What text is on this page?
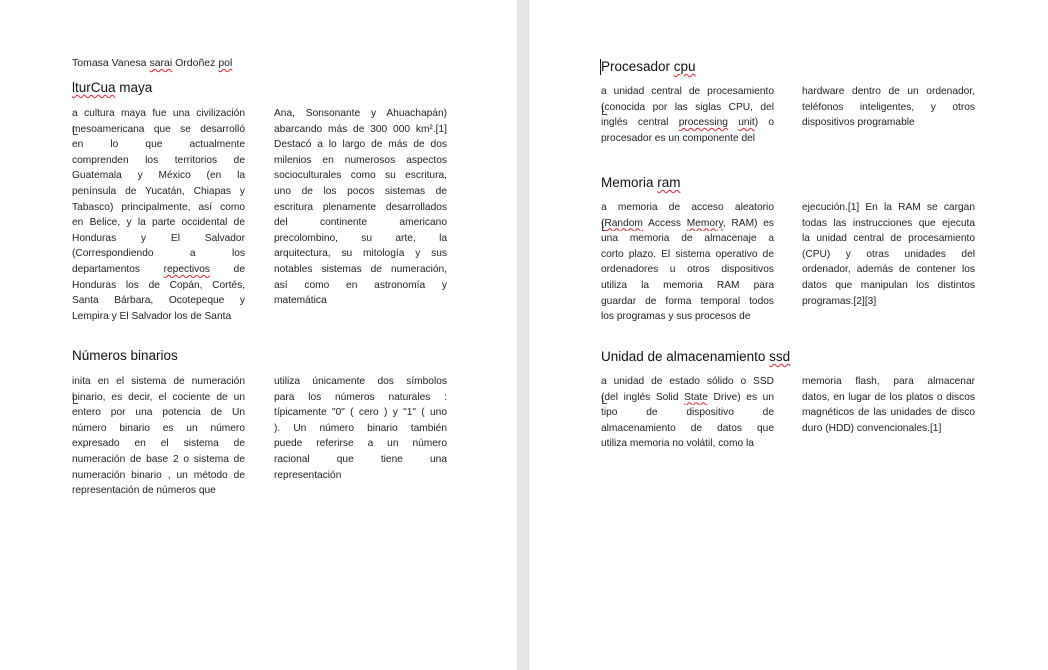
Tomasa Vanesa sarai Ordoñez pol
lturCua maya
a cultura maya fue una civilización
mesoamericana que se desarrolló
en lo que actualmente
comprenden los territorios de
Guatemala y México (en la
península de Yucatán, Chiapas y
Tabasco) principalmente, así como
en Belice, y la parte occidental de
Honduras y El Salvador
(Correspondiendo a los
departamentos repectivos de
Honduras los de Copán, Cortés,
Santa Bárbara, Ocotepeque y
Lempira y El Salvador los de Santa
Ana, Sonsonante y Ahuachapán)
abarcando más de 300 000 km².[1]
Destacó a lo largo de más de dos
milenios en numerosos aspectos
socioculturales como su escritura,
uno de los pocos sistemas de
escritura plenamente desarrollados
del continente americano
precolombino, su arte, la
arquitectura, su mitología y sus
notables sistemas de numeración,
así como en astronomía y
matemática
Números binarios
inita en el sistema de numeración
binario, es decir, el cociente de un
entero por una potencia de Un
número binario es un número
expresado en el sistema de
numeración de base 2 o sistema de
numeración binario , un método de
representación de números que
utiliza únicamente dos símbolos
para los números naturales :
típicamente "0" ( cero ) y "1" ( uno
). Un número binario también
puede referirse a un número
racional que tiene una
representación
Procesador cpu
a unidad central de procesamiento
(conocida por las siglas CPU, del
inglés central processing unit) o
procesador es un componente del
hardware dentro de un ordenador,
teléfonos inteligentes, y otros
dispositivos programable
Memoria ram
a memoria de acceso aleatorio
(Random Access Memory, RAM) es
una memoria de almacenaje a
corto plazo. El sistema operativo de
ordenadores u otros dispositivos
utiliza la memoria RAM para
guardar de forma temporal todos
los programas y sus procesos de
ejecución.[1] En la RAM se cargan
todas las instrucciones que ejecuta
la unidad central de procesamiento
(CPU) y otras unidades del
ordenador, además de contener los
datos que manipulan los distintos
programas.[2][3]
Unidad de almacenamiento ssd
a unidad de estado sólido o SSD
(del inglés Solid State Drive) es un
tipo de dispositivo de
almacenamiento de datos que
utiliza memoria no volátil, como la
memoria flash, para almacenar
datos, en lugar de los platos o discos
magnéticos de las unidades de disco
duro (HDD) convencionales.[1]
